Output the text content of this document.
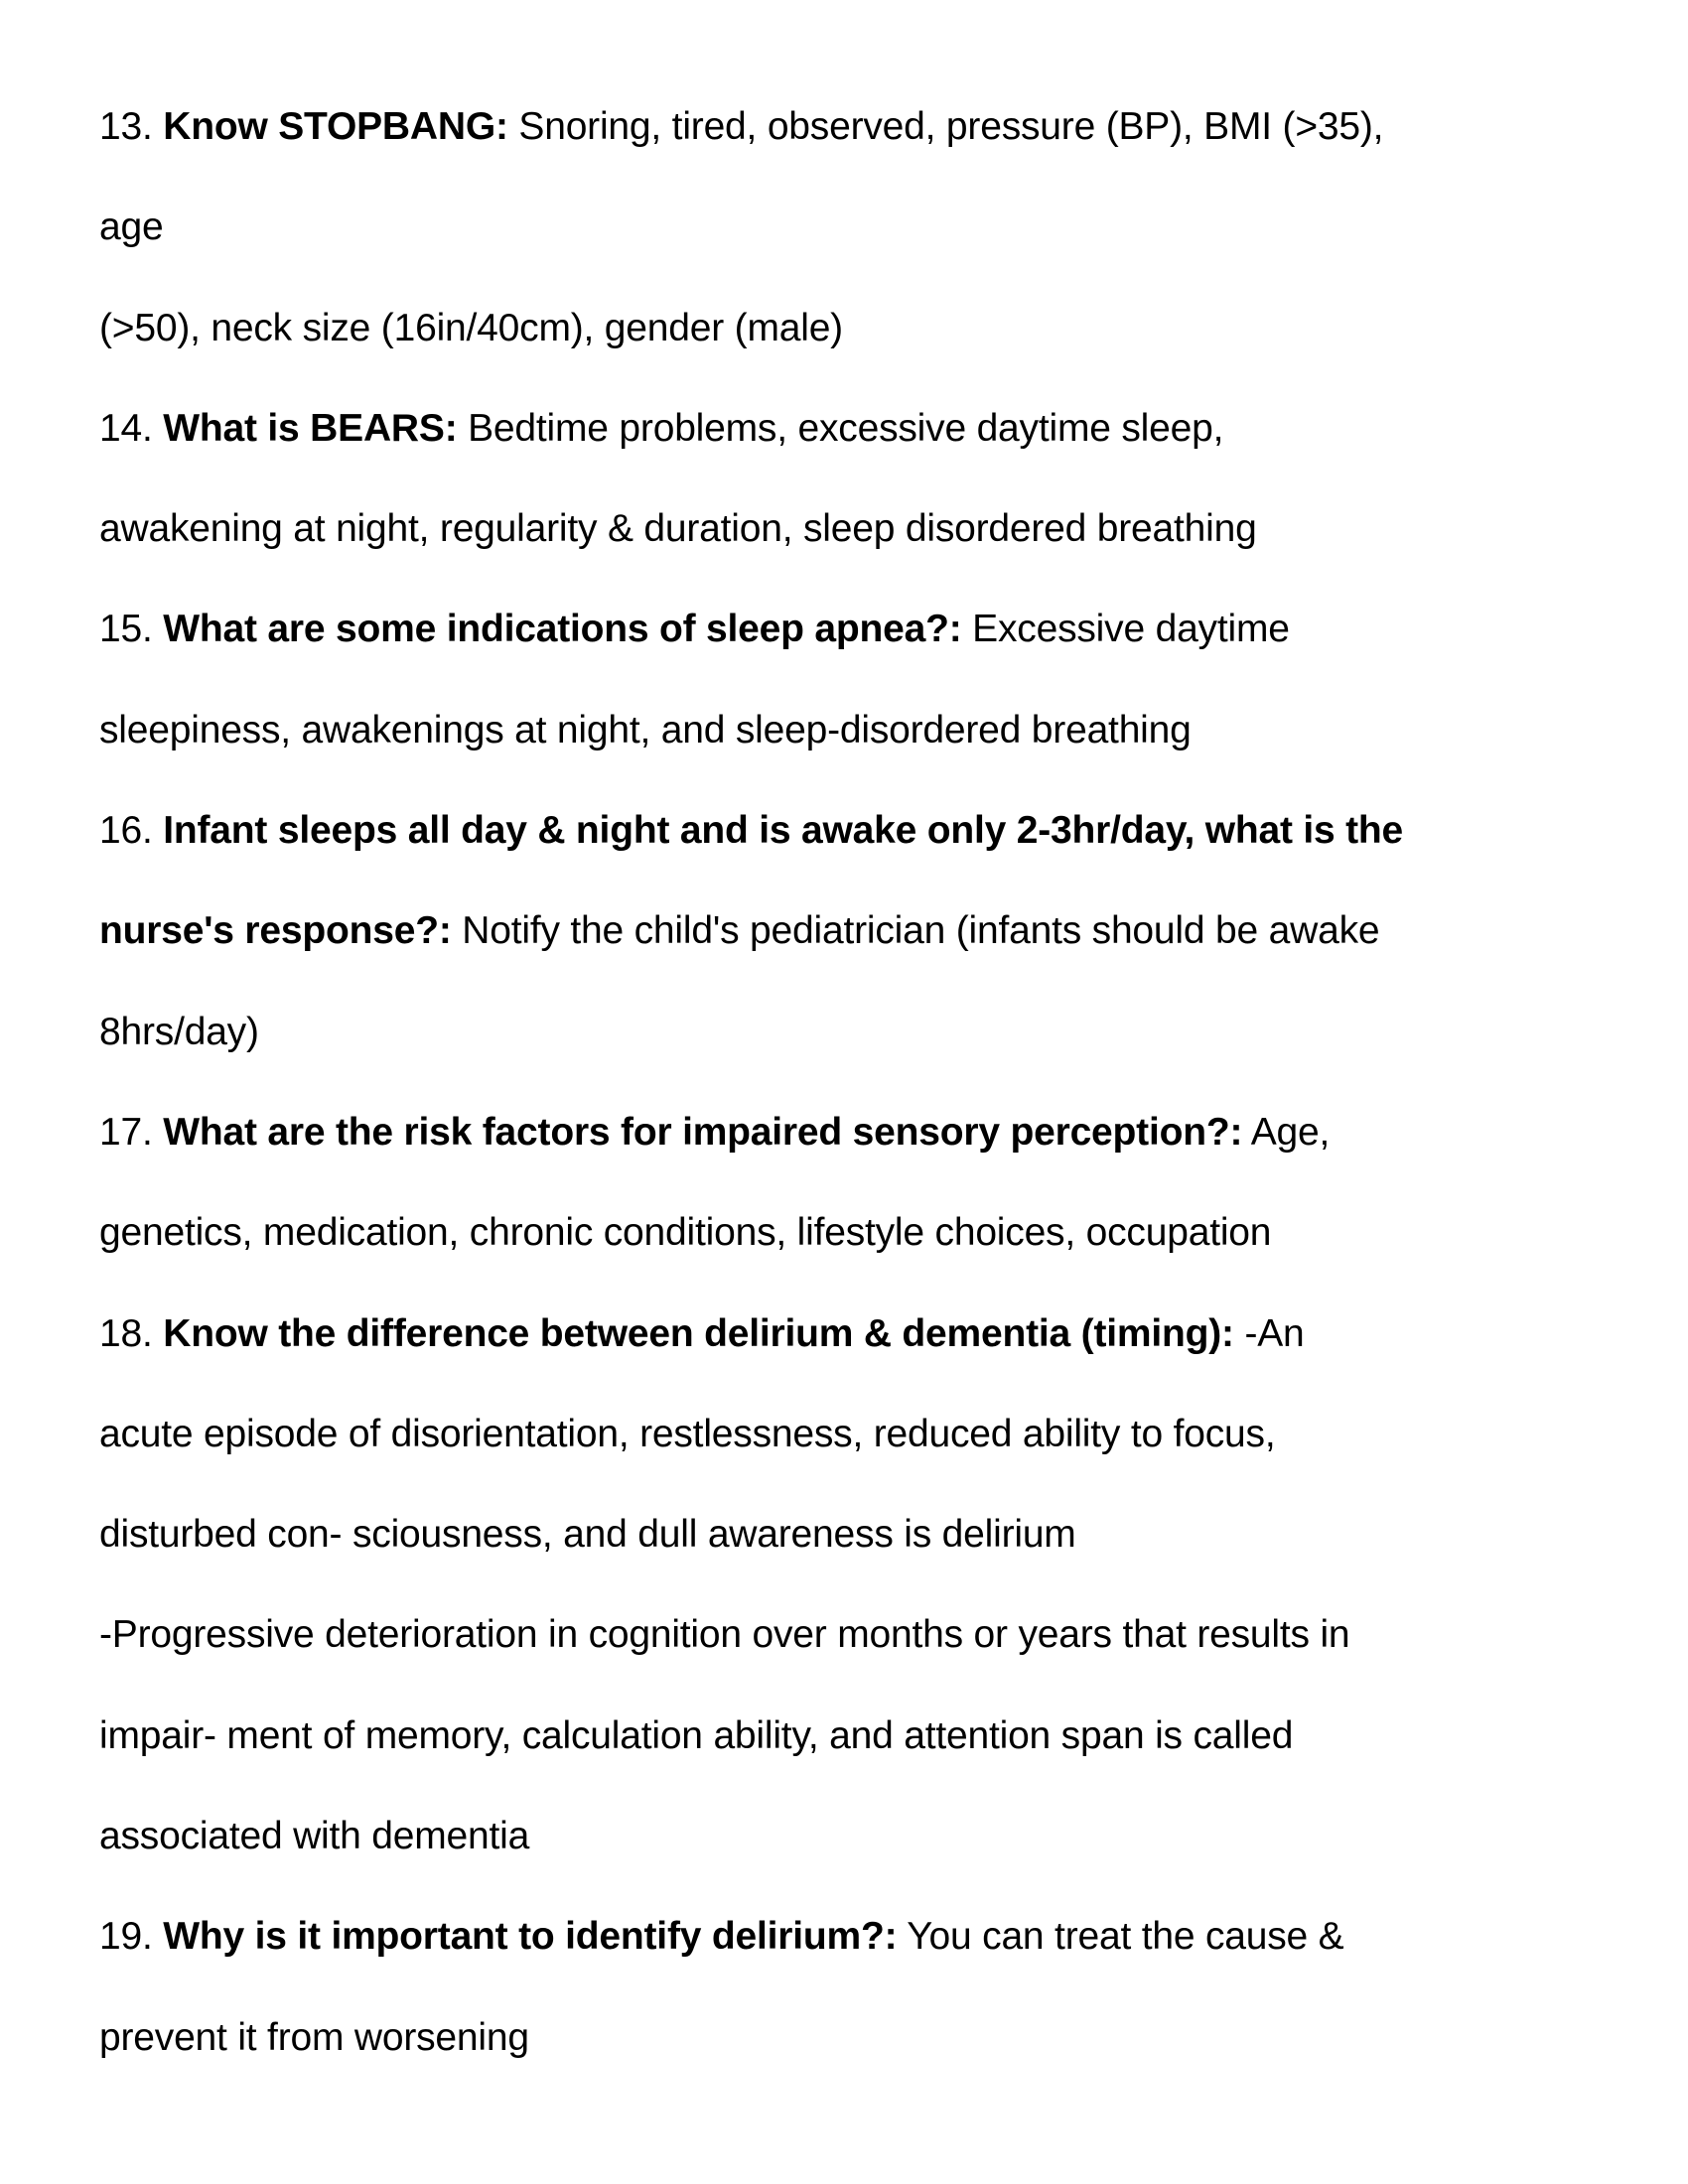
13. Know STOPBANG: Snoring, tired, observed, pressure (BP), BMI (>35),
age
(>50), neck size (16in/40cm), gender (male)
14. What is BEARS: Bedtime problems, excessive daytime sleep,
awakening at night, regularity & duration, sleep disordered breathing
15. What are some indications of sleep apnea?: Excessive daytime
sleepiness, awakenings at night, and sleep-disordered breathing
16. Infant sleeps all day & night and is awake only 2-3hr/day, what is the
nurse's response?: Notify the child's pediatrician (infants should be awake
8hrs/day)
17. What are the risk factors for impaired sensory perception?: Age,
genetics, medication, chronic conditions, lifestyle choices, occupation
18. Know the difference between delirium & dementia (timing): -An
acute episode of disorientation, restlessness, reduced ability to focus,
disturbed con- sciousness, and dull awareness is delirium
-Progressive deterioration in cognition over months or years that results in
impair- ment of memory, calculation ability, and attention span is called
associated with dementia
19. Why is it important to identify delirium?: You can treat the cause &
prevent it from worsening
